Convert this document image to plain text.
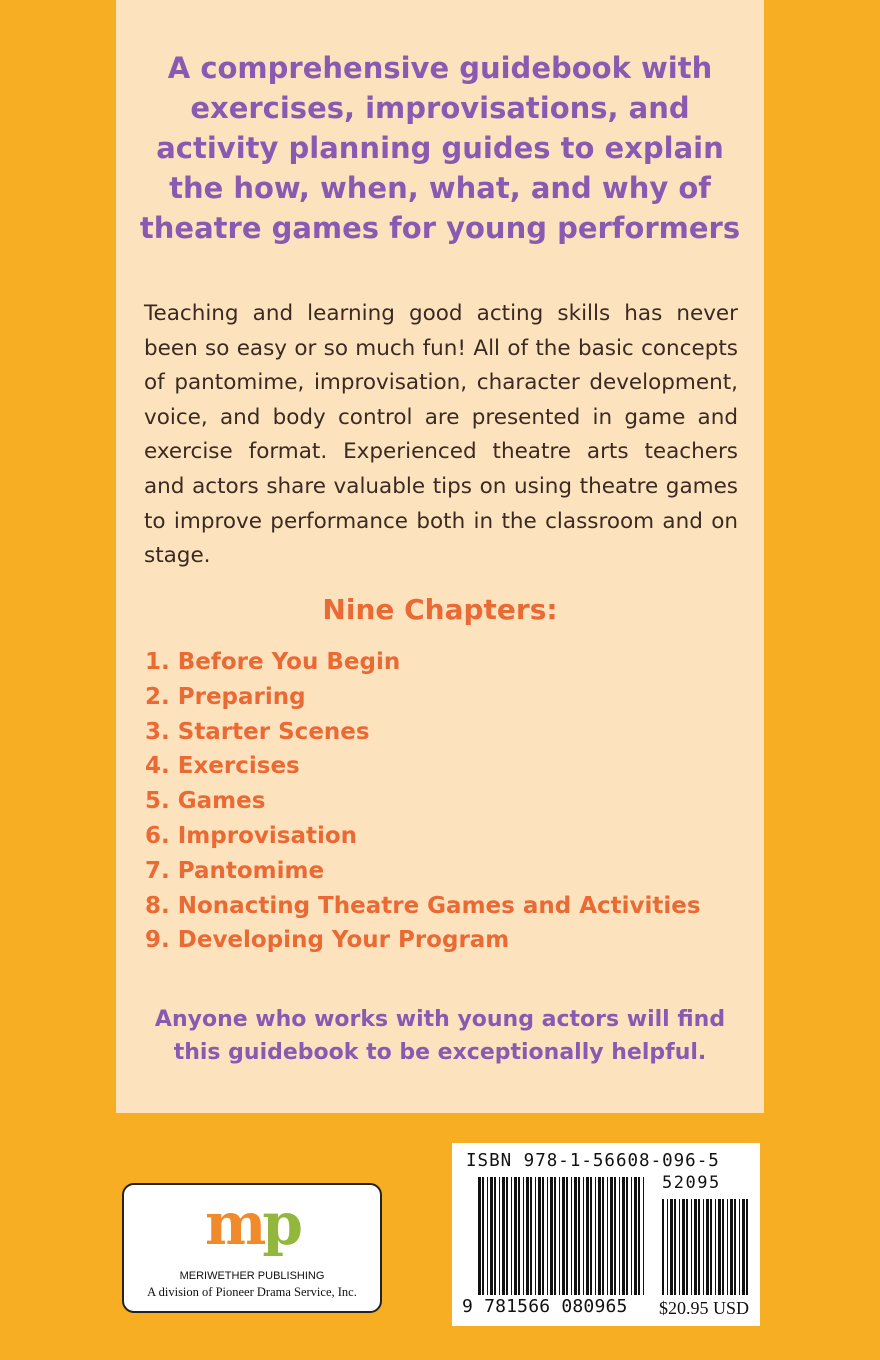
A comprehensive guidebook with exercises, improvisations, and activity planning guides to explain the how, when, what, and why of theatre games for young performers

Teaching and learning good acting skills has never been so easy or so much fun! All of the basic concepts of pantomime, improvisation, character development, voice, and body control are presented in game and exercise format. Experienced theatre arts teachers and actors share valuable tips on using theatre games to improve performance both in the classroom and on stage.

Nine Chapters:
1. Before You Begin
2. Preparing
3. Starter Scenes
4. Exercises
5. Games
6. Improvisation
7. Pantomime
8. Nonacting Theatre Games and Activities
9. Developing Your Program

Anyone who works with young actors will find this guidebook to be exceptionally helpful.

mp
MERIWETHER PUBLISHING
A division of Pioneer Drama Service, Inc.
ISBN 978-1-56608-096-5
52095
9 781566 080965 $20.95 USD
